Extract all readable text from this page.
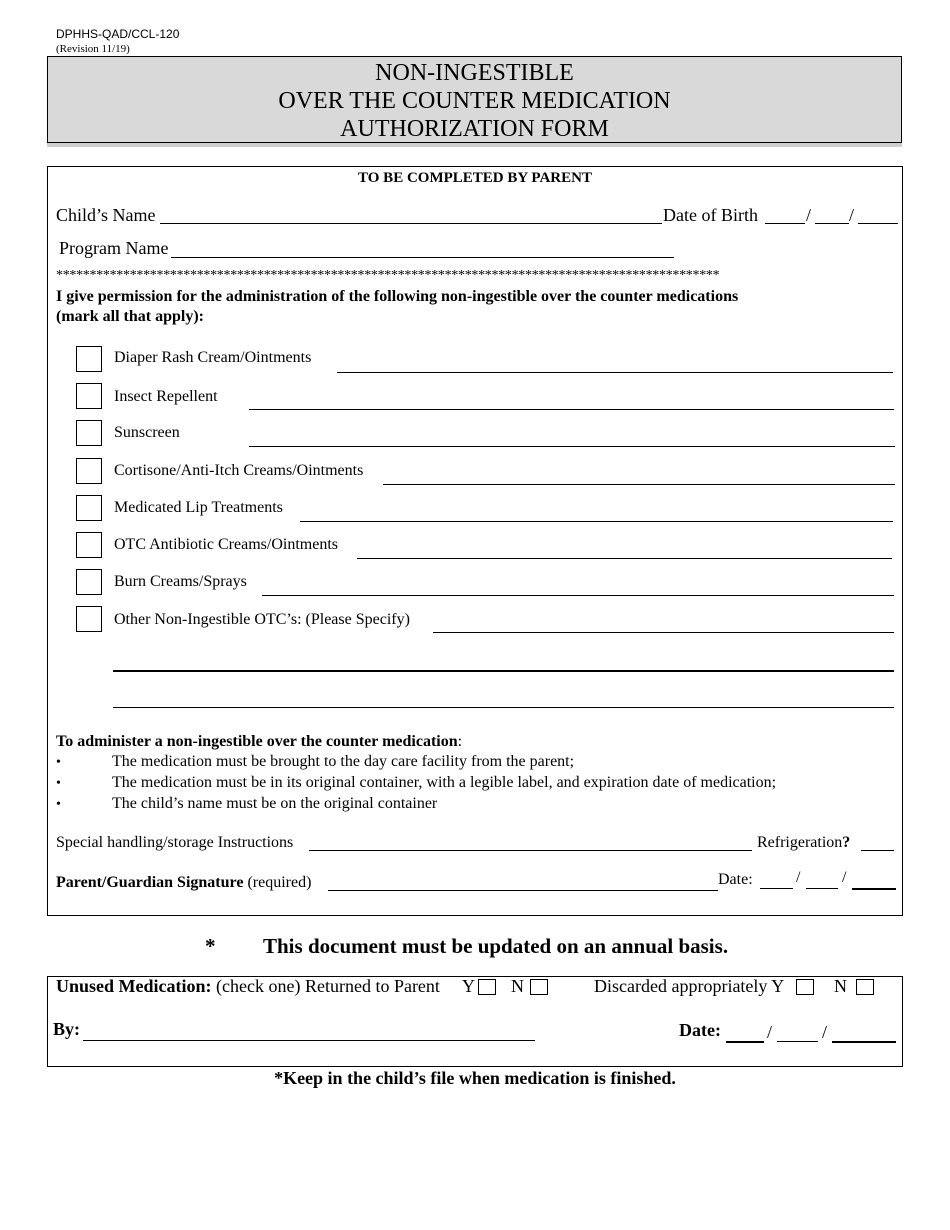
DPHHS-QAD/CCL-120
(Revision 11/19)
NON-INGESTIBLE
OVER THE COUNTER MEDICATION
AUTHORIZATION FORM
TO BE COMPLETED BY PARENT
Child’s Name	Date of Birth	/ /
Program Name
***************************************************************************************************
I give permission for the administration of the following non-ingestible over the counter medications
(mark all that apply):
Diaper Rash Cream/Ointments
Insect Repellent
Sunscreen
Cortisone/Anti-Itch Creams/Ointments
Medicated Lip Treatments
OTC Antibiotic Creams/Ointments
Burn Creams/Sprays
Other Non-Ingestible OTC’s: (Please Specify)
To administer a non-ingestible over the counter medication:
•	The medication must be brought to the day care facility from the parent;
•	The medication must be in its original container, with a legible label, and expiration date of medication;
•	The child’s name must be on the original container
Special handling/storage Instructions	Refrigeration?
Parent/Guardian Signature (required)	Date:	/	/
* This document must be updated on an annual basis.
Unused Medication: (check one) Returned to Parent Y N	Discarded appropriately Y	N
By:	Date:	/	/
*Keep in the child’s file when medication is finished.
